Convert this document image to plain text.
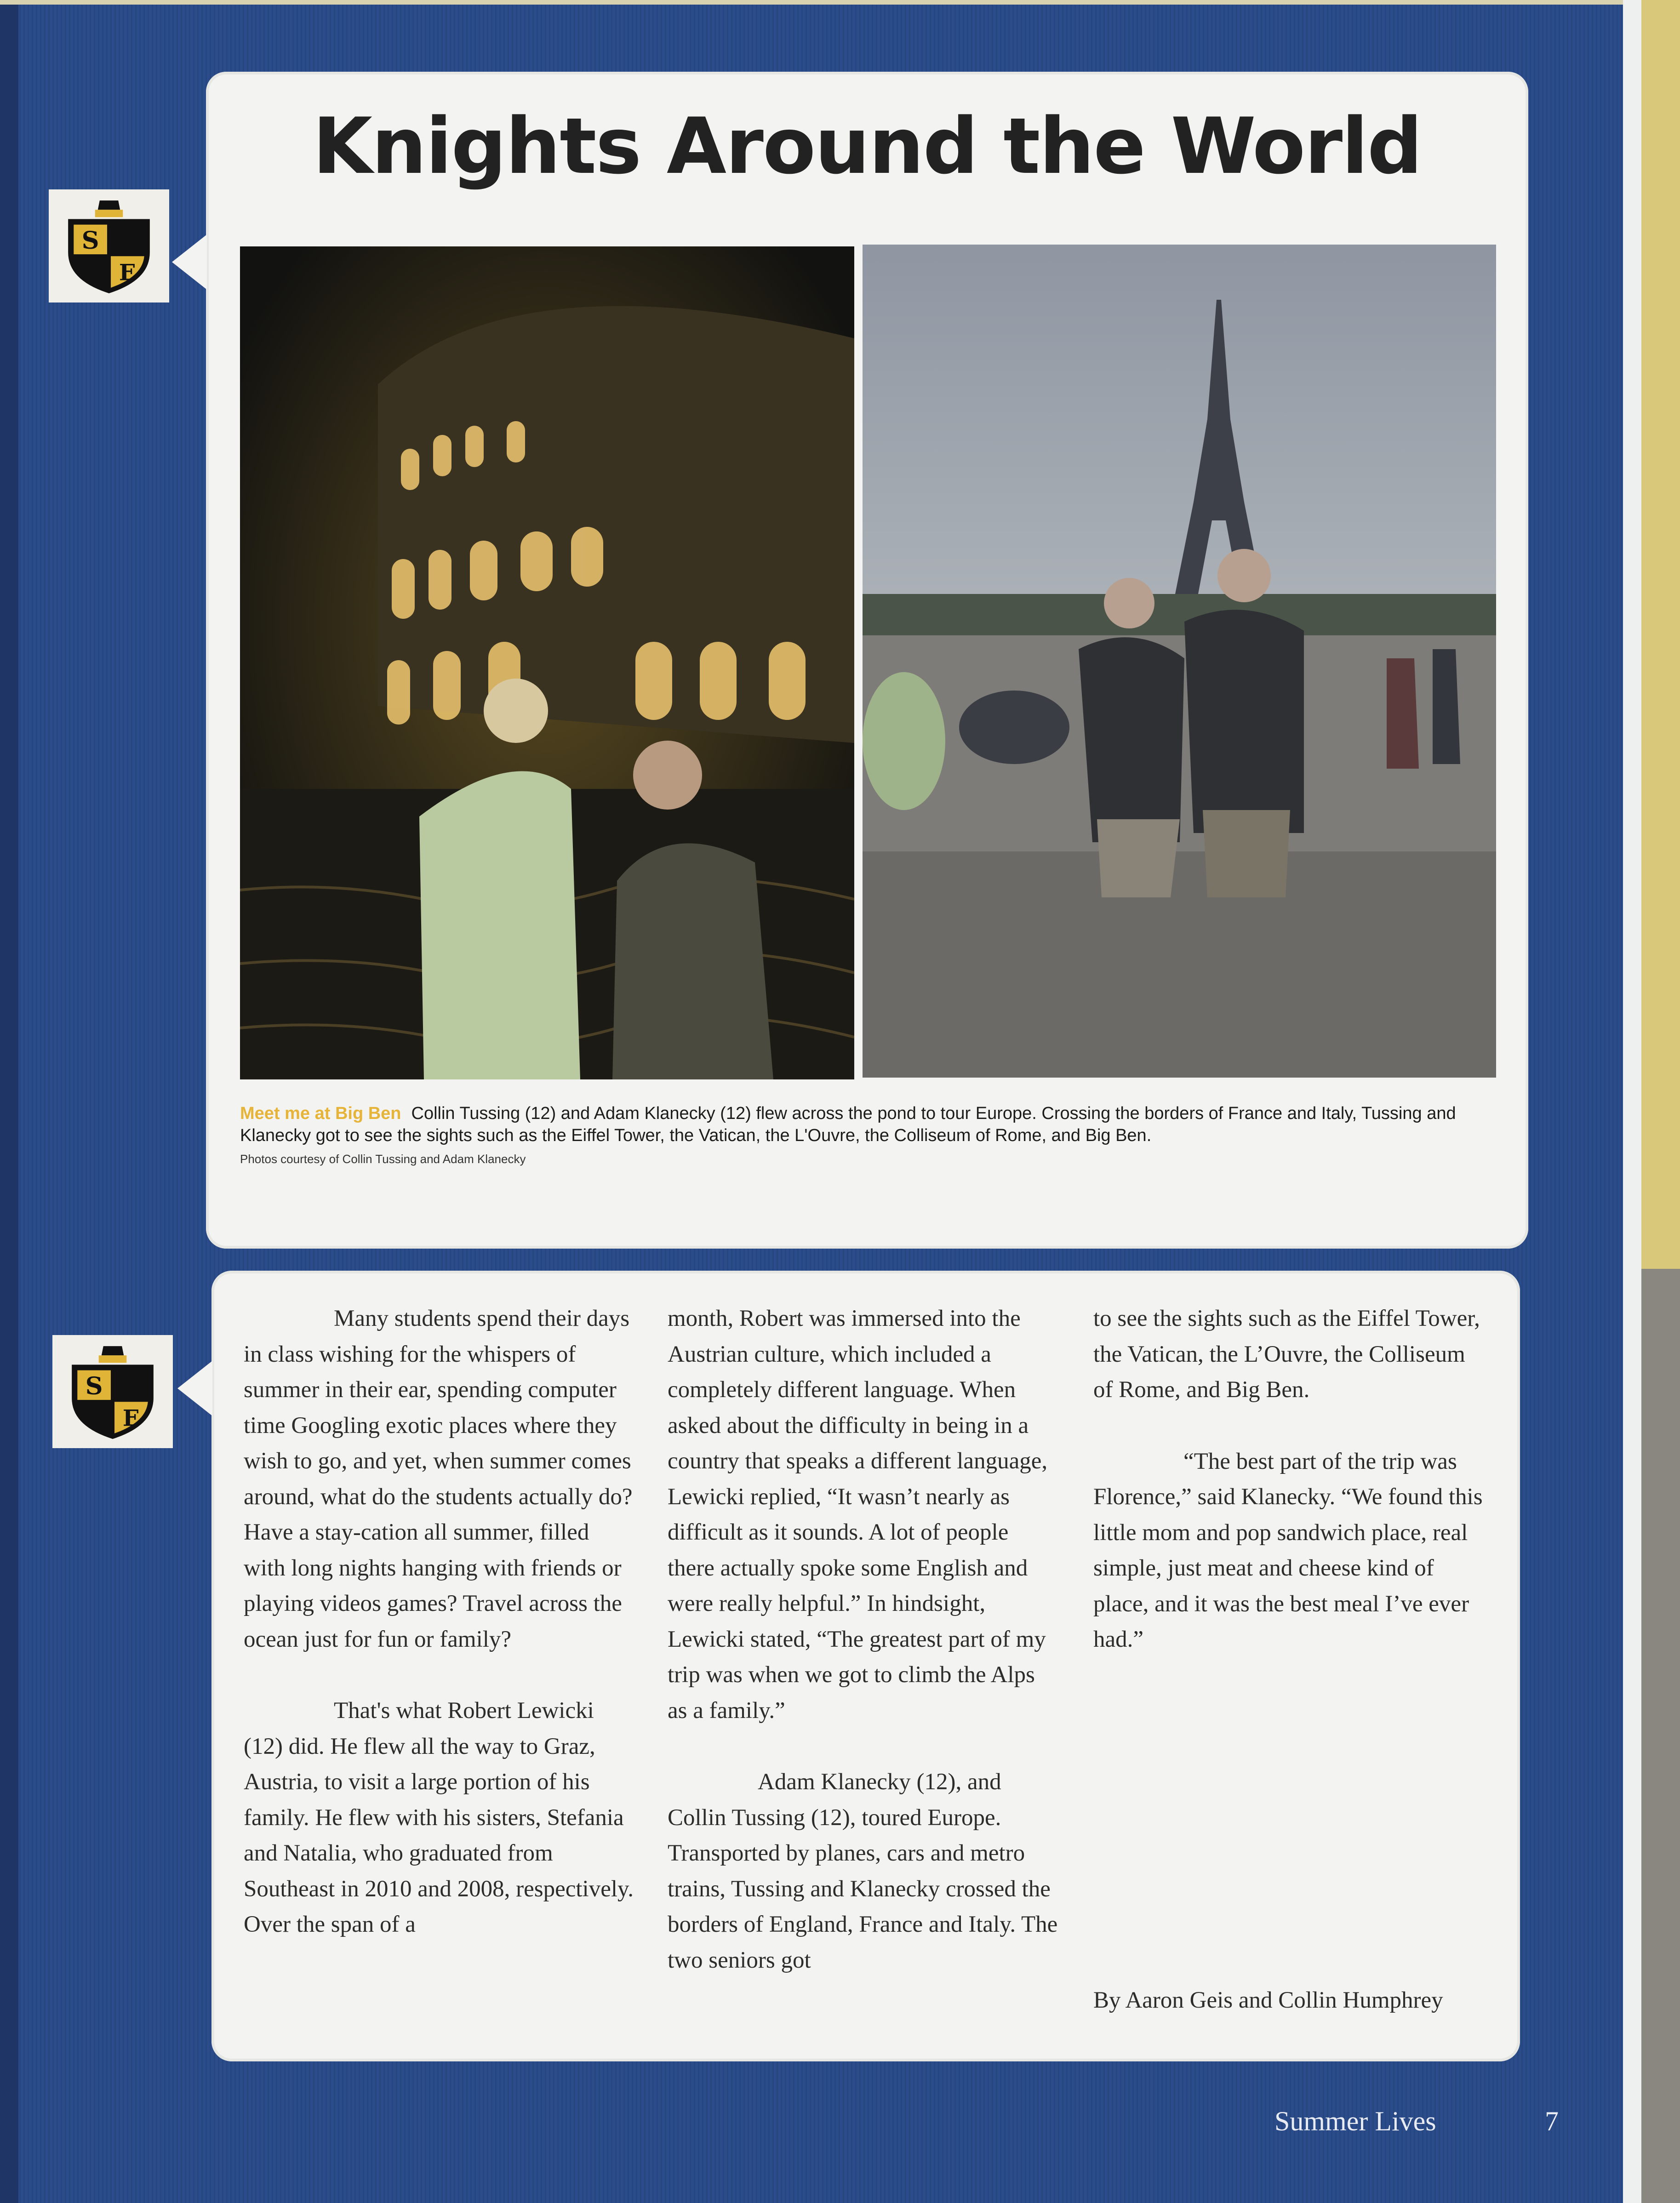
S
E
Knights Around the World
Meet me at Big Ben Collin Tussing (12) and Adam Klanecky (12) flew across the pond to tour Europe. Crossing the borders of France and Italy, Tussing and Klanecky got to see the sights such as the Eiffel Tower, the Vatican, the L'Ouvre, the Colliseum of Rome, and Big Ben.
Photos courtesy of Collin Tussing and Adam Klanecky
S
E

Many students spend their days in class wishing for the whispers of summer in their ear, spending computer time Googling exotic places where they wish to go, and yet, when summer comes around, what do the students actually do? Have a stay-cation all summer, filled with long nights hanging with friends or playing videos games? Travel across the ocean just for fun or family?

That's what Robert Lewicki (12) did. He flew all the way to Graz, Austria, to visit a large portion of his family. He flew with his sisters, Stefania and Natalia, who graduated from Southeast in 2010 and 2008, respectively. Over the span of a

month, Robert was immersed into the Austrian culture, which included a completely different language. When asked about the difficulty in being in a country that speaks a different language, Lewicki replied, “It wasn’t nearly as difficult as it sounds. A lot of people there actually spoke some English and were really helpful.” In hindsight, Lewicki stated, “The greatest part of my trip was when we got to climb the Alps as a family.”

Adam Klanecky (12), and Collin Tussing (12), toured Europe. Transported by planes, cars and metro trains, Tussing and Klanecky crossed the borders of England, France and Italy. The two seniors got

to see the sights such as the Eiffel Tower, the Vatican, the L’Ouvre, the Colliseum of Rome, and Big Ben.

“The best part of the trip was Florence,” said Klanecky. “We found this little mom and pop sandwich place, real simple, just meat and cheese kind of place, and it was the best meal I’ve ever had.”

By Aaron Geis and Collin Humphrey
Summer Lives	7
